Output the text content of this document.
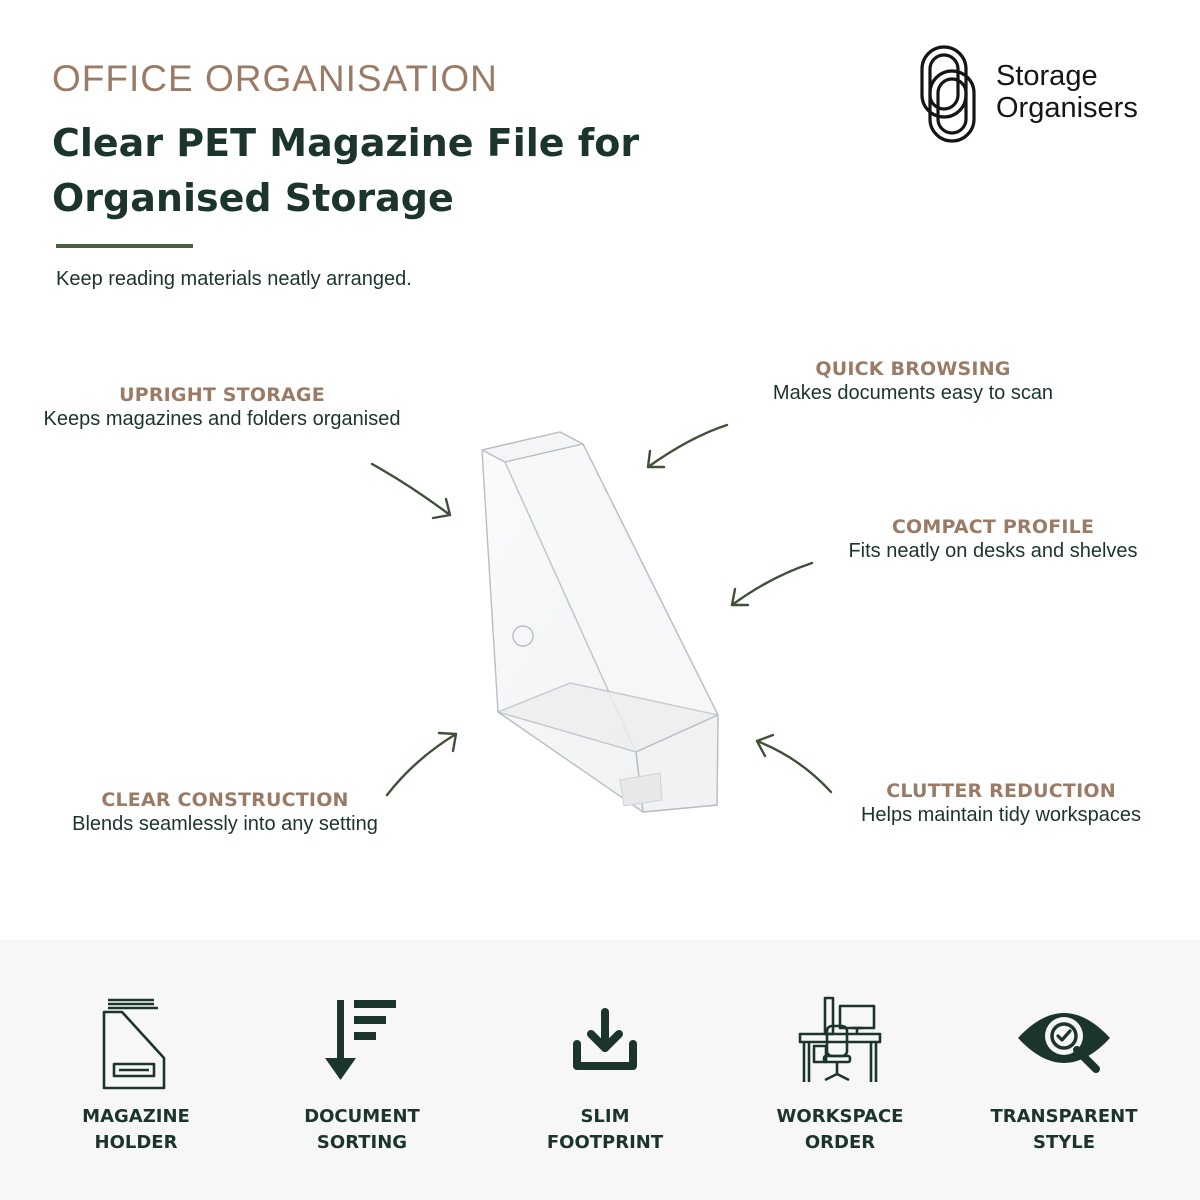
OFFICE ORGANISATION
Clear PET Magazine File for
Organised Storage
Keep reading materials neatly arranged.
Storage
Organisers
UPRIGHT STORAGE
Keeps magazines and folders organised
QUICK BROWSING
Makes documents easy to scan
COMPACT PROFILE
Fits neatly on desks and shelves
CLEAR CONSTRUCTION
Blends seamlessly into any setting
CLUTTER REDUCTION
Helps maintain tidy workspaces
MAGAZINE
HOLDER
DOCUMENT
SORTING
SLIM
FOOTPRINT
WORKSPACE
ORDER
TRANSPARENT
STYLE
